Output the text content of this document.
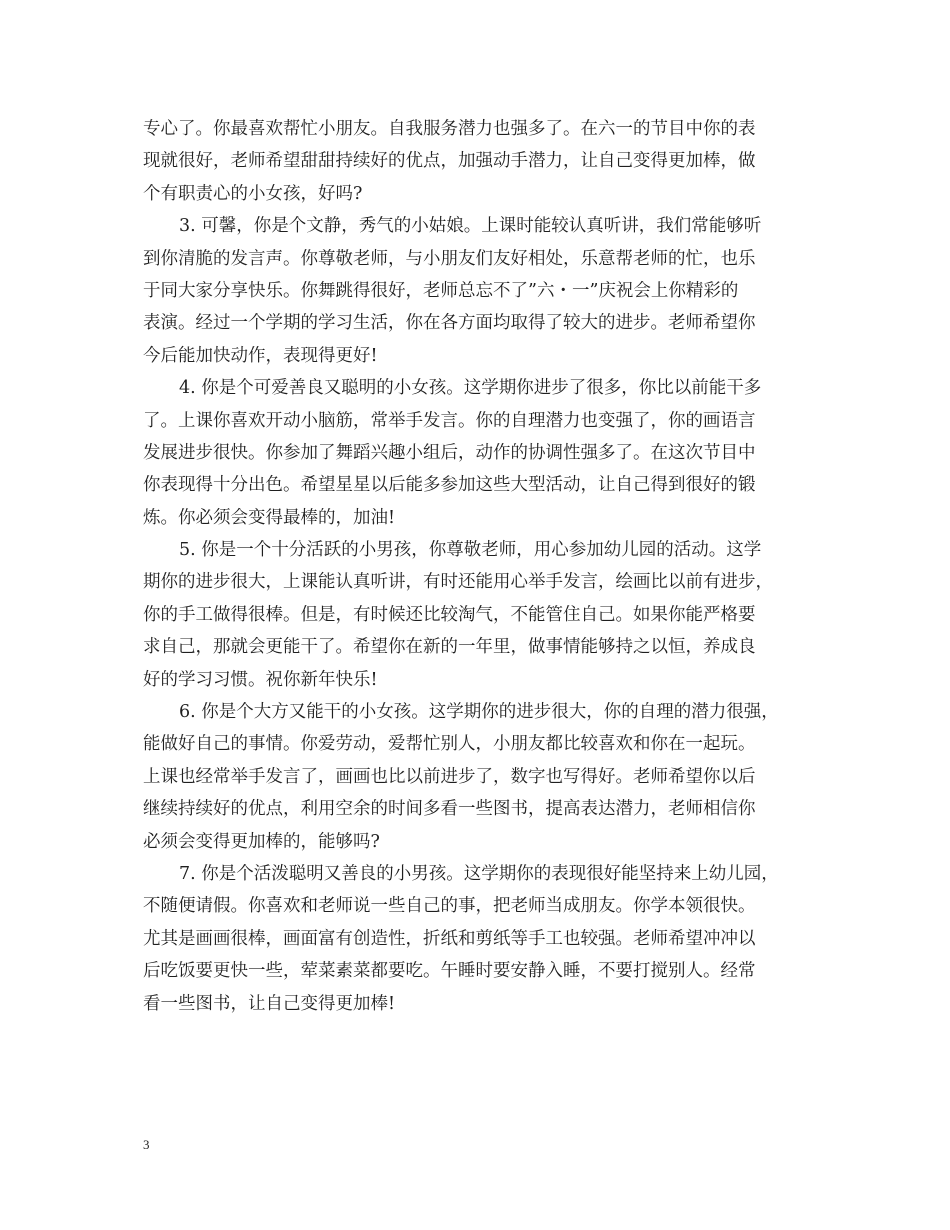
专心了。你最喜欢帮忙小朋友。自我服务潜力也强多了。在六一的节目中你的表
现就很好，老师希望甜甜持续好的优点，加强动手潜力，让自己变得更加棒，做
个有职责心的小女孩，好吗?
3. 可馨，你是个文静，秀气的小姑娘。上课时能较认真听讲，我们常能够听
到你清脆的发言声。你尊敬老师，与小朋友们友好相处，乐意帮老师的忙，也乐
于同大家分享快乐。你舞跳得很好，老师总忘不了”六・一”庆祝会上你精彩的
表演。经过一个学期的学习生活，你在各方面均取得了较大的进步。老师希望你
今后能加快动作，表现得更好!
4. 你是个可爱善良又聪明的小女孩。这学期你进步了很多，你比以前能干多
了。上课你喜欢开动小脑筋，常举手发言。你的自理潜力也变强了，你的画语言
发展进步很快。你参加了舞蹈兴趣小组后，动作的协调性强多了。在这次节目中
你表现得十分出色。希望星星以后能多参加这些大型活动，让自己得到很好的锻
炼。你必须会变得最棒的，加油!
5. 你是一个十分活跃的小男孩，你尊敬老师，用心参加幼儿园的活动。这学
期你的进步很大，上课能认真听讲，有时还能用心举手发言，绘画比以前有进步，
你的手工做得很棒。但是，有时候还比较淘气，不能管住自己。如果你能严格要
求自己，那就会更能干了。希望你在新的一年里，做事情能够持之以恒，养成良
好的学习习惯。祝你新年快乐!
6. 你是个大方又能干的小女孩。这学期你的进步很大，你的自理的潜力很强，
能做好自己的事情。你爱劳动，爱帮忙别人，小朋友都比较喜欢和你在一起玩。
上课也经常举手发言了，画画也比以前进步了，数字也写得好。老师希望你以后
继续持续好的优点，利用空余的时间多看一些图书，提高表达潜力，老师相信你
必须会变得更加棒的，能够吗?
7. 你是个活泼聪明又善良的小男孩。这学期你的表现很好能坚持来上幼儿园，
不随便请假。你喜欢和老师说一些自己的事，把老师当成朋友。你学本领很快。
尤其是画画很棒，画面富有创造性，折纸和剪纸等手工也较强。老师希望冲冲以
后吃饭要更快一些，荤菜素菜都要吃。午睡时要安静入睡，不要打搅别人。经常
看一些图书，让自己变得更加棒!
3
